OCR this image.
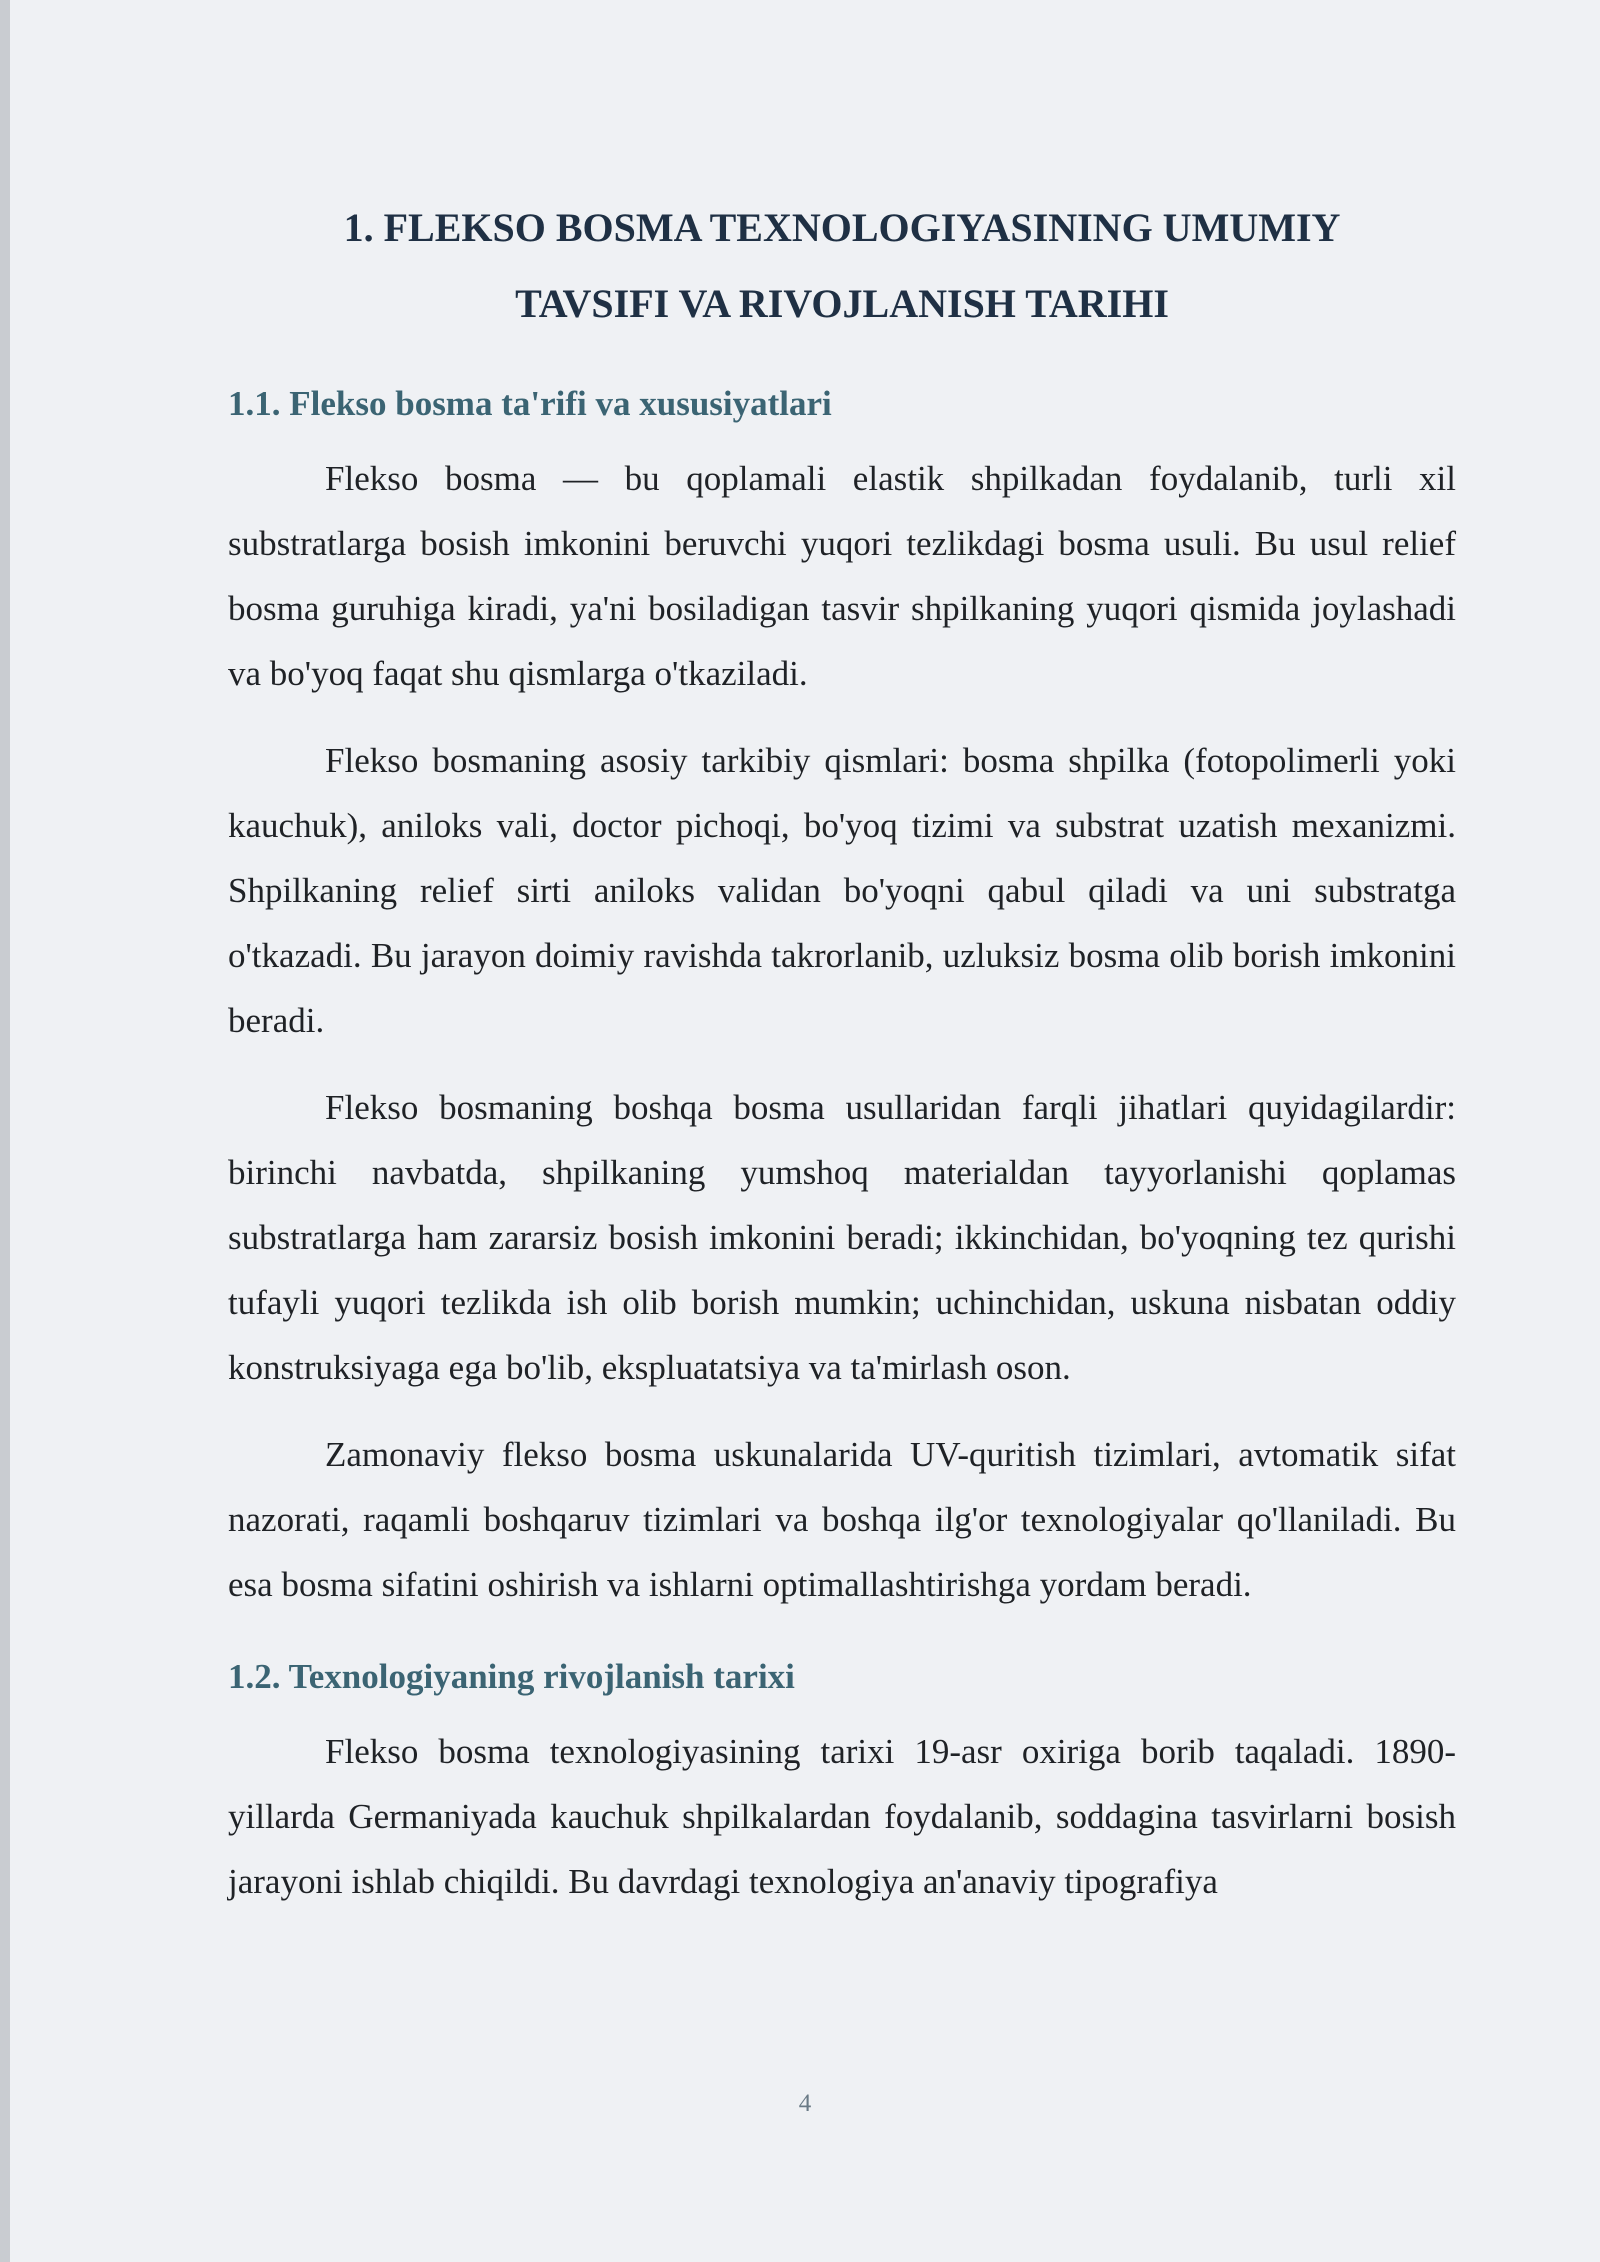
1. FLEKSO BOSMA TEXNOLOGIYASINING UMUMIY
TAVSIFI VA RIVOJLANISH TARIHI
1.1. Flekso bosma ta'rifi va xususiyatlari

Flekso bosma — bu qoplamali elastik shpilkadan foydalanib, turli xil substratlarga bosish imkonini beruvchi yuqori tezlikdagi bosma usuli. Bu usul relief bosma guruhiga kiradi, ya'ni bosiladigan tasvir shpilkaning yuqori qismida joylashadi va bo'yoq faqat shu qismlarga o'tkaziladi.

Flekso bosmaning asosiy tarkibiy qismlari: bosma shpilka (fotopolimerli yoki kauchuk), aniloks vali, doctor pichoqi, bo'yoq tizimi va substrat uzatish mexanizmi. Shpilkaning relief sirti aniloks validan bo'yoqni qabul qiladi va uni substratga o'tkazadi. Bu jarayon doimiy ravishda takrorlanib, uzluksiz bosma olib borish imkonini beradi.

Flekso bosmaning boshqa bosma usullaridan farqli jihatlari quyidagilardir: birinchi navbatda, shpilkaning yumshoq materialdan tayyorlanishi qoplamas substratlarga ham zararsiz bosish imkonini beradi; ikkinchidan, bo'yoqning tez qurishi tufayli yuqori tezlikda ish olib borish mumkin; uchinchidan, uskuna nisbatan oddiy konstruksiyaga ega bo'lib, ekspluatatsiya va ta'mirlash oson.

Zamonaviy flekso bosma uskunalarida UV-quritish tizimlari, avtomatik sifat nazorati, raqamli boshqaruv tizimlari va boshqa ilg'or texnologiyalar qo'llaniladi. Bu esa bosma sifatini oshirish va ishlarni optimallashtirishga yordam beradi.

1.2. Texnologiyaning rivojlanish tarixi

Flekso bosma texnologiyasining tarixi 19-asr oxiriga borib taqaladi. 1890-yillarda Germaniyada kauchuk shpilkalardan foydalanib, soddagina tasvirlarni bosish jarayoni ishlab chiqildi. Bu davrdagi texnologiya an'anaviy tipografiya

4
